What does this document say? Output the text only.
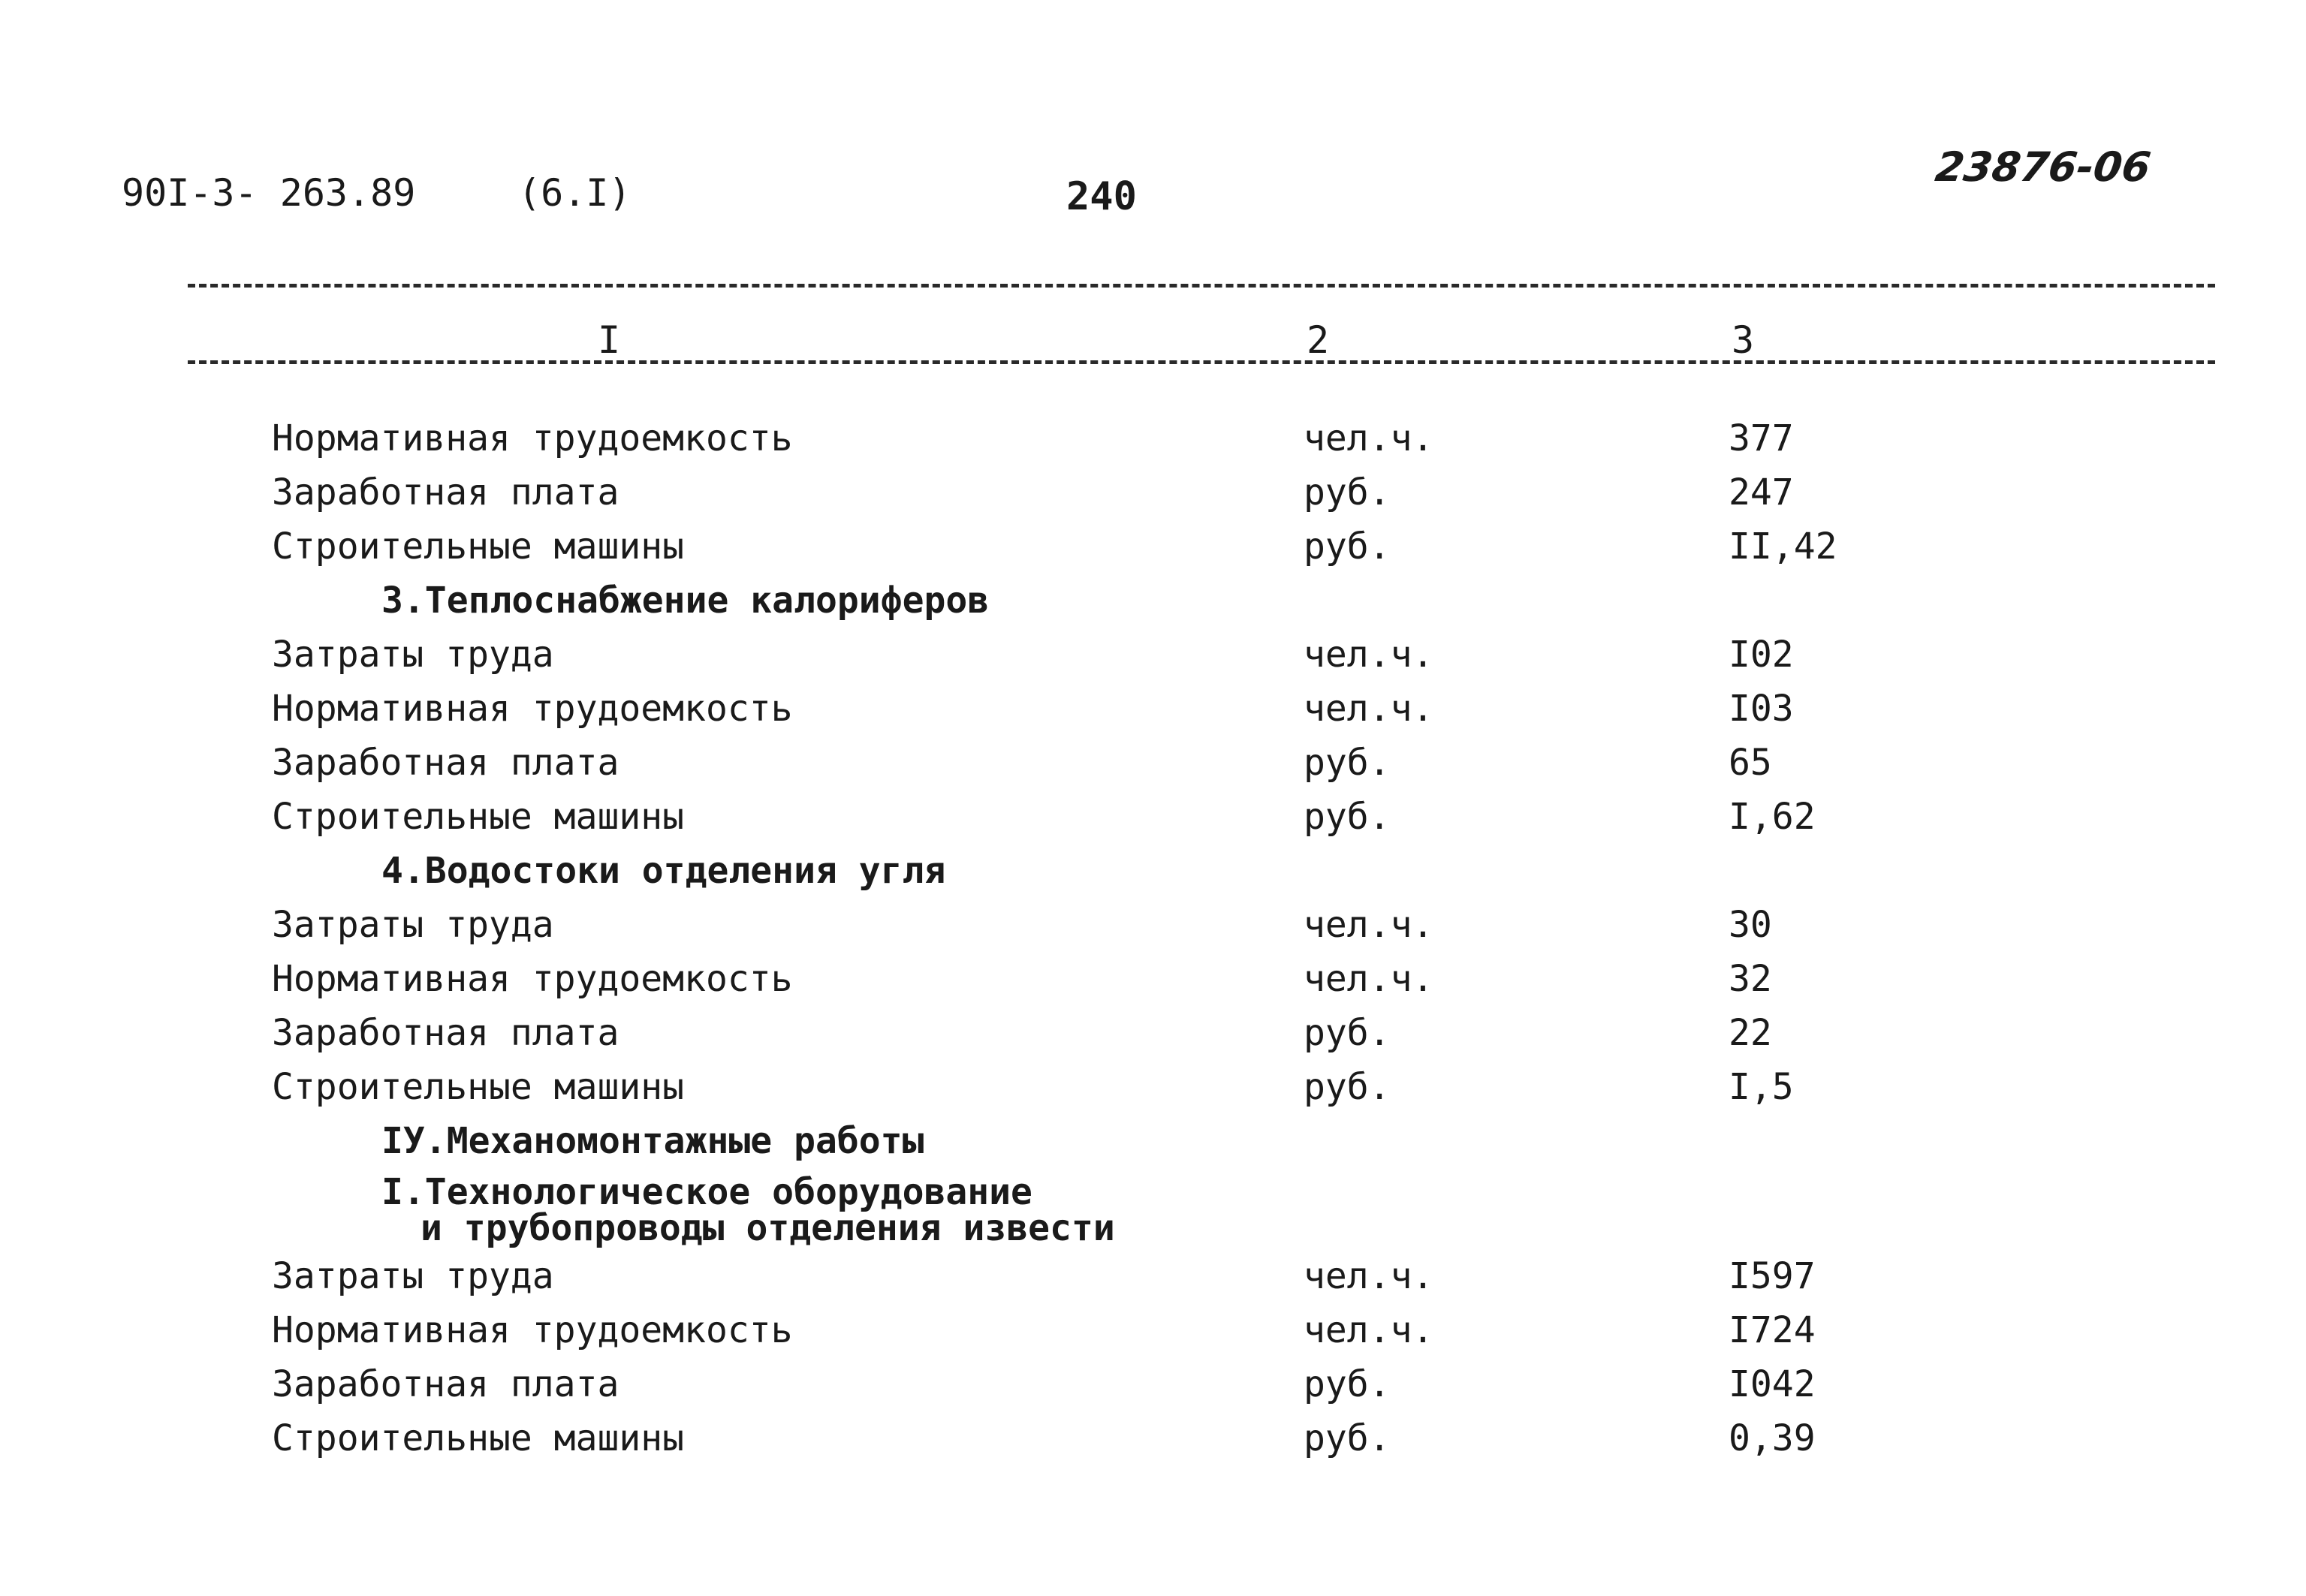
90I-3- 263.89	(6.I)	240
23876-06
I	2	3
Нормативная трудоемкость	чел.ч.	377
Заработная плата	руб.	247
Строительные машины	руб.	II,42
3.Теплоснабжение калориферов
Затраты труда	чел.ч.	I02
Нормативная трудоемкость	чел.ч.	I03
Заработная плата	руб.	65
Строительные машины	руб.	I,62
4.Водостоки отделения угля
Затраты труда	чел.ч.	30
Нормативная трудоемкость	чел.ч.	32
Заработная плата	руб.	22
Строительные машины	руб.	I,5
IУ.Механомонтажные работы
I.Технологическое оборудование
и трубопроводы отделения извести
Затраты труда	чел.ч.	I597
Нормативная трудоемкость	чел.ч.	I724
Заработная плата	руб.	I042
Строительные машины	руб.	0,39
